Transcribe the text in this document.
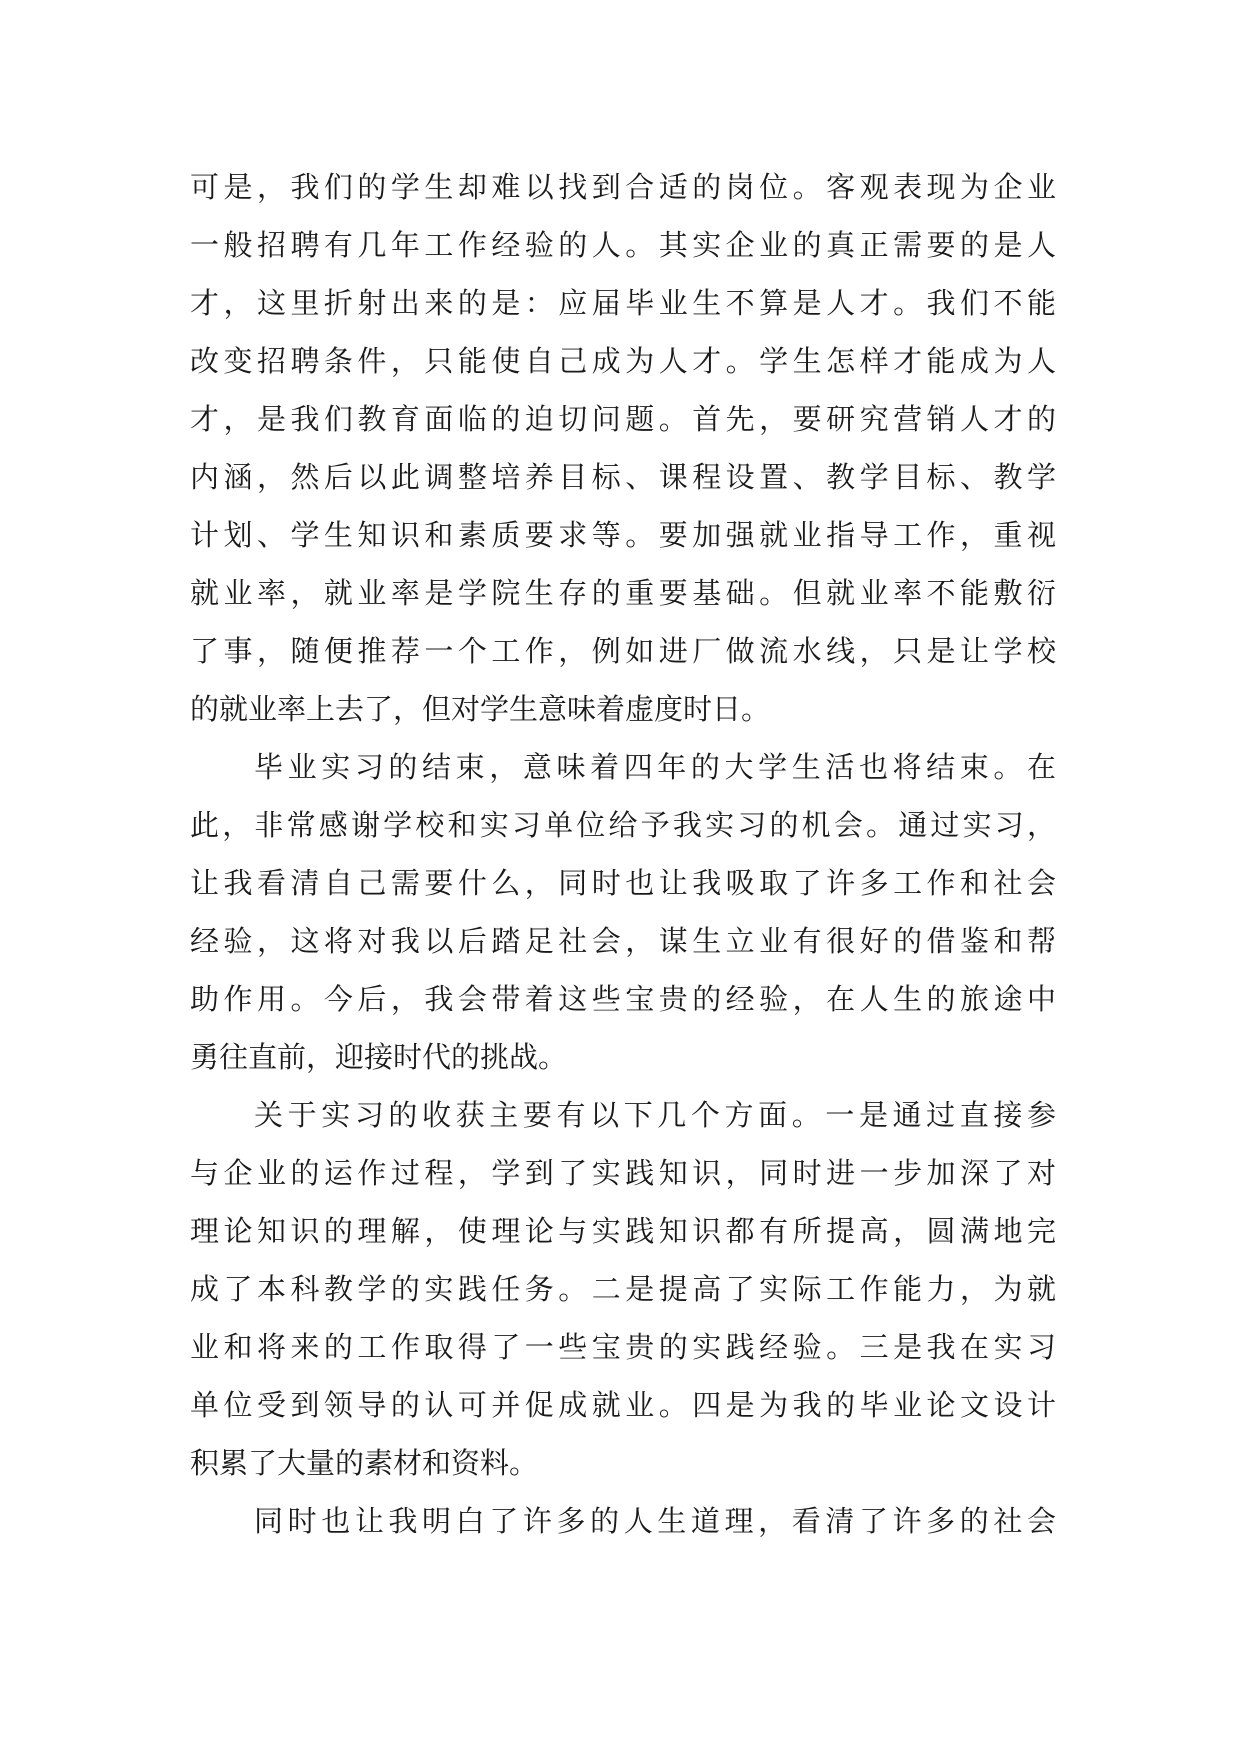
可是，我们的学生却难以找到合适的岗位。客观表现为企业
一般招聘有几年工作经验的人。其实企业的真正需要的是人
才，这里折射出来的是：应届毕业生不算是人才。我们不能
改变招聘条件，只能使自己成为人才。学生怎样才能成为人
才，是我们教育面临的迫切问题。首先，要研究营销人才的
内涵，然后以此调整培养目标、课程设置、教学目标、教学
计划、学生知识和素质要求等。要加强就业指导工作，重视
就业率，就业率是学院生存的重要基础。但就业率不能敷衍
了事，随便推荐一个工作，例如进厂做流水线，只是让学校
的就业率上去了，但对学生意味着虚度时日。
毕业实习的结束，意味着四年的大学生活也将结束。在
此，非常感谢学校和实习单位给予我实习的机会。通过实习，
让我看清自己需要什么，同时也让我吸取了许多工作和社会
经验，这将对我以后踏足社会，谋生立业有很好的借鉴和帮
助作用。今后，我会带着这些宝贵的经验，在人生的旅途中
勇往直前，迎接时代的挑战。
关于实习的收获主要有以下几个方面。一是通过直接参
与企业的运作过程，学到了实践知识，同时进一步加深了对
理论知识的理解，使理论与实践知识都有所提高，圆满地完
成了本科教学的实践任务。二是提高了实际工作能力，为就
业和将来的工作取得了一些宝贵的实践经验。三是我在实习
单位受到领导的认可并促成就业。四是为我的毕业论文设计
积累了大量的素材和资料。
同时也让我明白了许多的人生道理，看清了许多的社会
